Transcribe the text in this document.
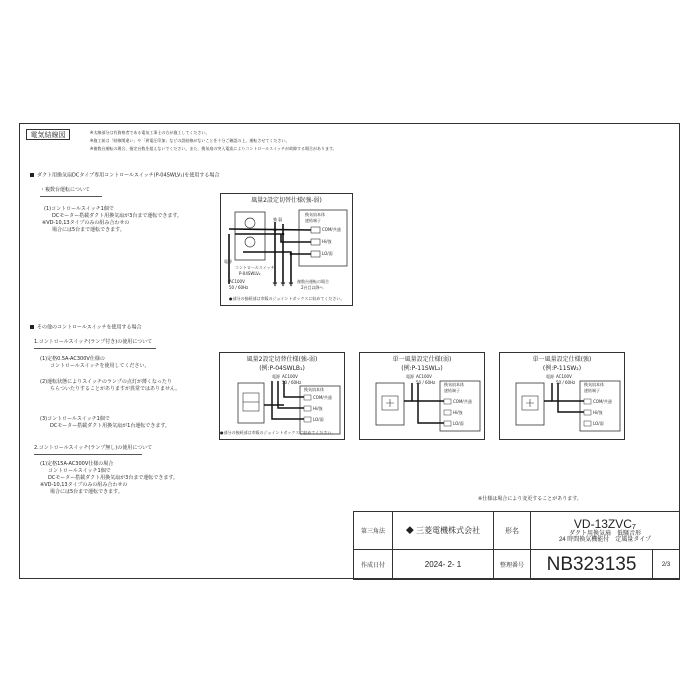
電気結線図	※太線部分は有資格者である電気工事士の方が施工してください。
※施工前は「結線関違い」や「異電圧印加」などの誤結線がないことを十分ご確認の上、運転させてください。
※複数台運転の場合、指定台数を超えないでください。また、換気扇の突入電流によりコントロールスイッチが故障する場合があります。
ダクト用換気扇DCタイプ専用コントロールスイッチ(P-04SWLV₂)を使用する場合
・複数台運転について
(1)コントロールスイッチ1個で
DCモーター搭載ダクト用換気扇が3台まで運転できます。
※VD-10,13タイプのみの組み合わせの
場合には5台まで運転できます。
風量2設定切替仕様(強-弱)
強 弱
換気扇本体
速結端子
COM/共通
Hi/強
LO/弱
電源
コントロールスイッチ
P-04SWLV₂
AC100V
50 / 60Hz
複数台運転の場合
2台目以降へ
●部分の接続部は市販のジョイントボックスに収めてください。
その他のコントロールスイッチを使用する場合
1.コントロールスイッチ(ランプ付き)の使用について
(1)定格0.5A-AC300V仕様の
コントロールスイッチを使用してください。
(2)運転状態によりスイッチのランプの点灯が薄くなったり
ちらついたりすることがありますが異常ではありません。
(3)コントロールスイッチ1個で
DCモーター搭載ダクト用換気扇が1台運転できます。
2.コントロールスイッチ(ランプ無し)の使用について
(1)定格15A-AC300V仕様の場合
コントロールスイッチ1個で
DCモーター搭載ダクト用換気扇が3台まで運転できます。
※VD-10,13タイプのみの組み合わせの
場合には5台まで運転できます。
風量2設定切替仕様(強-弱)
(例:P-04SWLB₁)
電源 AC100V
50 / 60Hz
換気扇本体
COM/共通
Hi/強
LO/弱
単一風量設定仕様(弱)
(例:P-11SWL₂)
電源 AC100V
50 / 60Hz 換気扇本体
速結端子
COM/共通
Hi/強
LO/弱
●部分の接続部は市販のジョイントボックスに収めてください。
単一風量設定仕様(強)
(例:P-11SW₂)
電源 AC100V
50 / 60Hz 換気扇本体
速結端子
COM/共通
Hi/強
LO/弱
※仕様は場合により変更することがあります。
第三角法	◆ 三菱電機株式会社	形名	VD-13ZVC₇
ダクト用換気扇　低騒音形
24 時間換気機能付　定風量タイプ	

作成日付	2024- 2- 1	整理番号	NB323135	2/3
